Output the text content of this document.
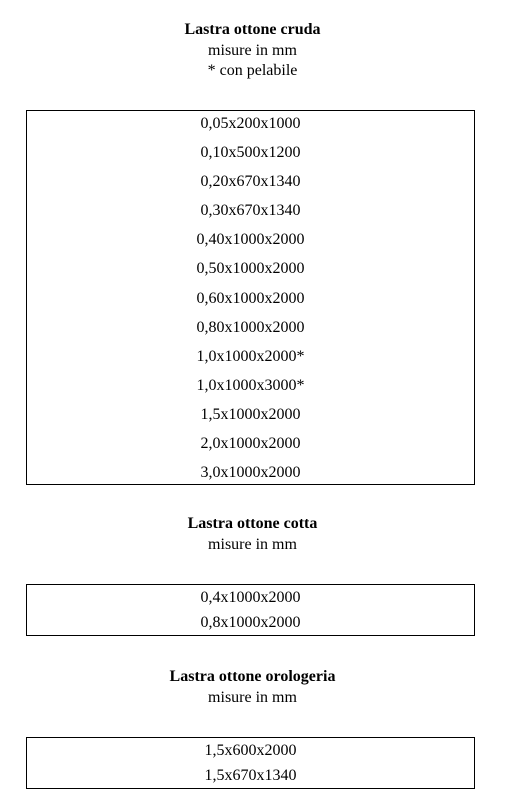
Lastra ottone cruda
misure in mm
* con pelabile
0,05x200x1000
0,10x500x1200
0,20x670x1340
0,30x670x1340
0,40x1000x2000
0,50x1000x2000
0,60x1000x2000
0,80x1000x2000
1,0x1000x2000*
1,0x1000x3000*
1,5x1000x2000
2,0x1000x2000
3,0x1000x2000
Lastra ottone cotta
misure in mm
0,4x1000x2000
0,8x1000x2000
Lastra ottone orologeria
misure in mm
1,5x600x2000
1,5x670x1340
